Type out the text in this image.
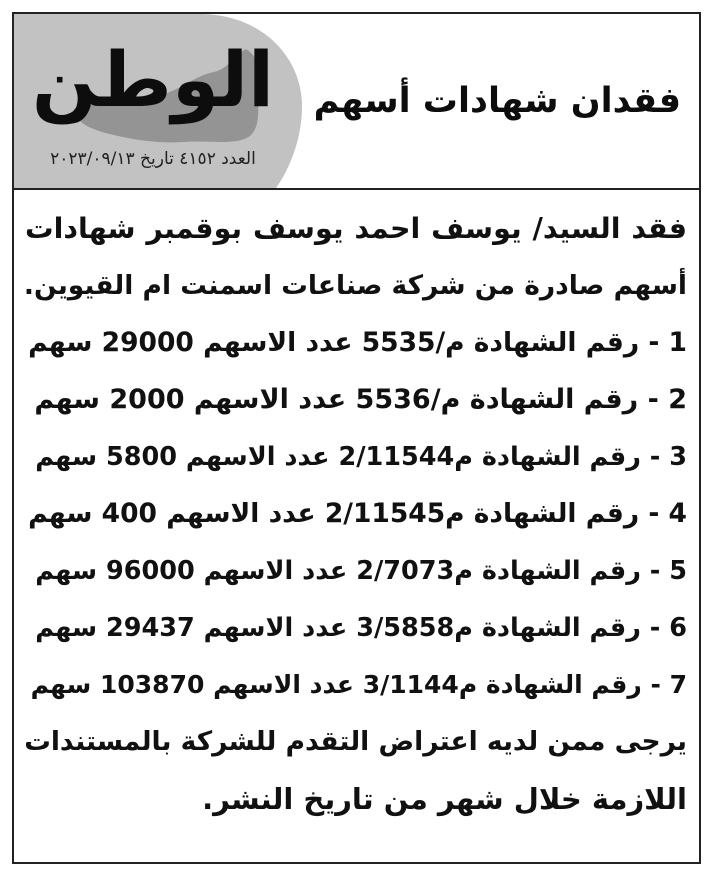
الوطن
العدد ٤١٥٢ تاريخ ٢٠٢٣/٠٩/١٣
فقدان شهادات أسهم
فقد السيد/ يوسف احمد يوسف بوقمبر شهادات
أسهم صادرة من شركة صناعات اسمنت ام القيوين.
1 - رقم الشهادة م/5535 عدد الاسهم 29000 سهم
2 - رقم الشهادة م/5536 عدد الاسهم 2000 سهم
3 - رقم الشهادة م2/11544 عدد الاسهم 5800 سهم
4 - رقم الشهادة م2/11545 عدد الاسهم 400 سهم
5 - رقم الشهادة م2/7073 عدد الاسهم 96000 سهم
6 - رقم الشهادة م3/5858 عدد الاسهم 29437 سهم
7 - رقم الشهادة م3/1144 عدد الاسهم 103870 سهم
يرجى ممن لديه اعتراض التقدم للشركة بالمستندات
اللازمة خلال شهر من تاريخ النشر.
